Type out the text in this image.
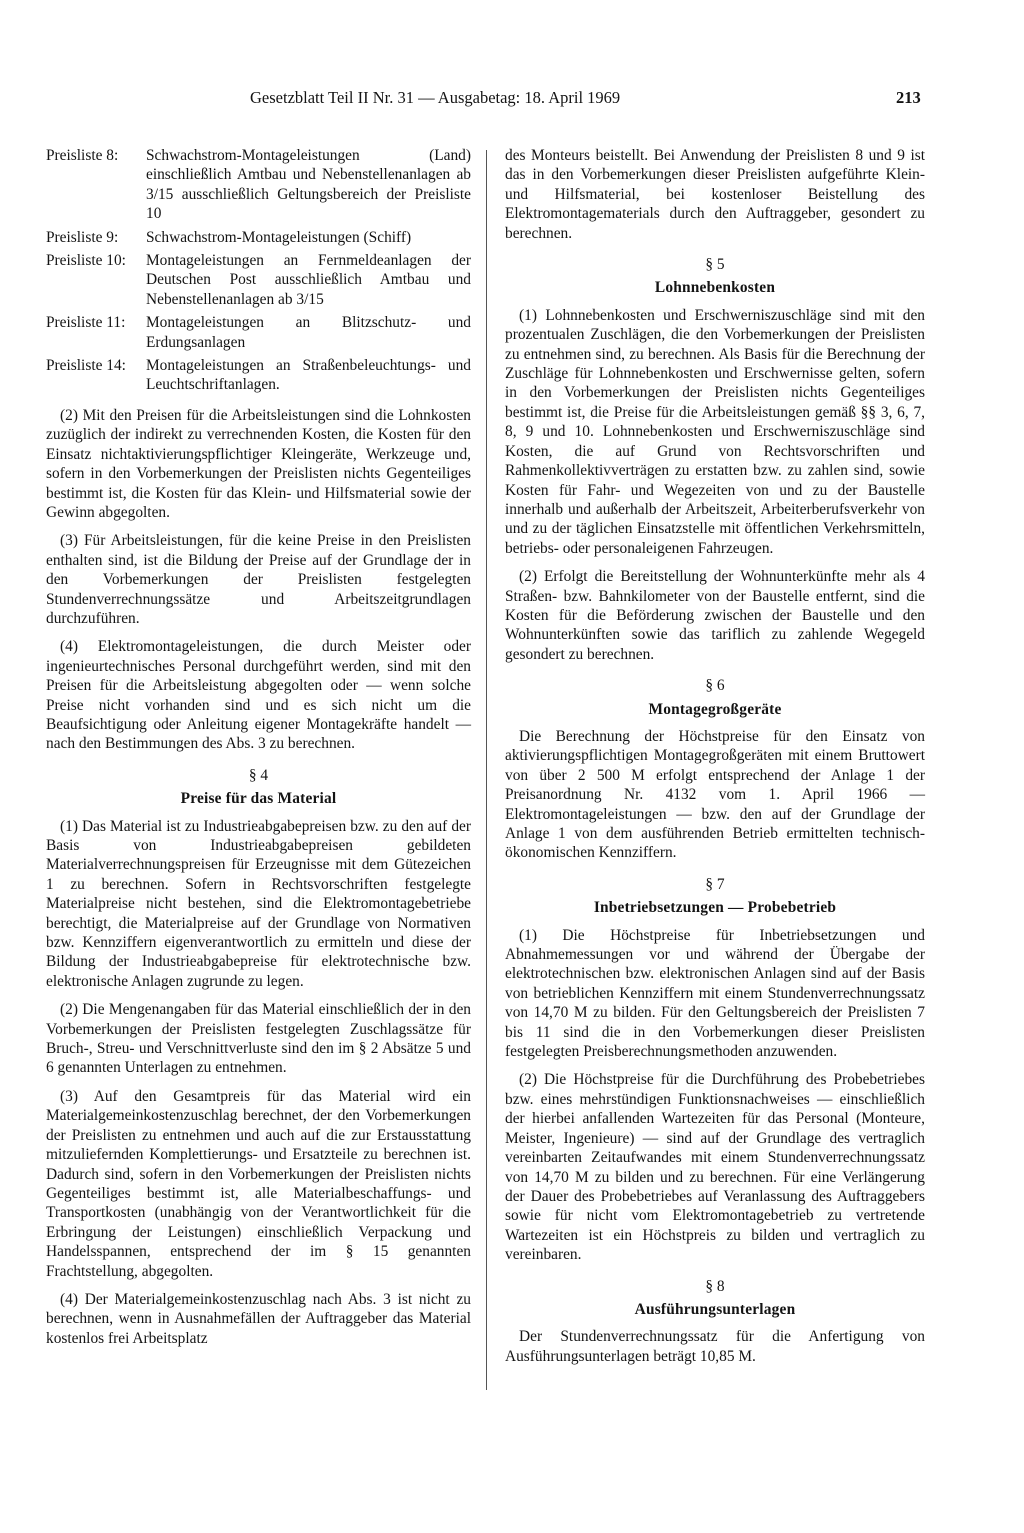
Gesetzblatt Teil II Nr. 31 — Ausgabetag: 18. April 1969	213
Preisliste 8:	Schwachstrom-Montageleistungen (Land) einschließlich Amtbau und Nebenstellenanlagen ab 3/15 ausschließlich Geltungsbereich der Preisliste 10
Preisliste 9:	Schwachstrom-Montageleistungen (Schiff)
Preisliste 10:	Montageleistungen an Fernmeldeanlagen der Deutschen Post ausschließlich Amtbau und Nebenstellenanlagen ab 3/15
Preisliste 11:	Montageleistungen an Blitzschutz- und Erdungsanlagen
Preisliste 14:	Montageleistungen an Straßenbeleuchtungs- und Leuchtschriftanlagen.

(2) Mit den Preisen für die Arbeitsleistungen sind die Lohnkosten zuzüglich der indirekt zu verrechnenden Kosten, die Kosten für den Einsatz nichtaktivierungspflichtiger Kleingeräte, Werkzeuge und, sofern in den Vorbemerkungen der Preislisten nichts Gegenteiliges bestimmt ist, die Kosten für das Klein- und Hilfsmaterial sowie der Gewinn abgegolten.

(3) Für Arbeitsleistungen, für die keine Preise in den Preislisten enthalten sind, ist die Bildung der Preise auf der Grundlage der in den Vorbemerkungen der Preislisten festgelegten Stundenverrechnungssätze und Arbeitszeitgrundlagen durchzuführen.

(4) Elektromontageleistungen, die durch Meister oder ingenieurtechnisches Personal durchgeführt werden, sind mit den Preisen für die Arbeitsleistung abgegolten oder — wenn solche Preise nicht vorhanden sind und es sich nicht um die Beaufsichtigung oder Anleitung eigener Montagekräfte handelt — nach den Bestimmungen des Abs. 3 zu berechnen.

§ 4
Preise für das Material

(1) Das Material ist zu Industrieabgabepreisen bzw. zu den auf der Basis von Industrieabgabepreisen gebildeten Materialverrechnungspreisen für Erzeugnisse mit dem Gütezeichen 1 zu berechnen. Sofern in Rechtsvorschriften festgelegte Materialpreise nicht bestehen, sind die Elektromontagebetriebe berechtigt, die Materialpreise auf der Grundlage von Normativen bzw. Kennziffern eigenverantwortlich zu ermitteln und diese der Bildung der Industrieabgabepreise für elektrotechnische bzw. elektronische Anlagen zugrunde zu legen.

(2) Die Mengenangaben für das Material einschließlich der in den Vorbemerkungen der Preislisten festgelegten Zuschlagssätze für Bruch-, Streu- und Verschnittverluste sind den im § 2 Absätze 5 und 6 genannten Unterlagen zu entnehmen.

(3) Auf den Gesamtpreis für das Material wird ein Materialgemeinkostenzuschlag berechnet, der den Vorbemerkungen der Preislisten zu entnehmen und auch auf die zur Erstausstattung mitzuliefernden Komplettierungs- und Ersatzteile zu berechnen ist. Dadurch sind, sofern in den Vorbemerkungen der Preislisten nichts Gegenteiliges bestimmt ist, alle Materialbeschaffungs- und Transportkosten (unabhängig von der Verantwortlichkeit für die Erbringung der Leistungen) einschließlich Verpackung und Handelsspannen, entsprechend der im § 15 genannten Frachtstellung, abgegolten.

(4) Der Materialgemeinkostenzuschlag nach Abs. 3 ist nicht zu berechnen, wenn in Ausnahmefällen der Auftraggeber das Material kostenlos frei Arbeitsplatz

des Monteurs beistellt. Bei Anwendung der Preislisten 8 und 9 ist das in den Vorbemerkungen dieser Preislisten aufgeführte Klein- und Hilfsmaterial, bei kostenloser Beistellung des Elektromontagematerials durch den Auftraggeber, gesondert zu berechnen.

§ 5
Lohnnebenkosten

(1) Lohnnebenkosten und Erschwerniszuschläge sind mit den prozentualen Zuschlägen, die den Vorbemerkungen der Preislisten zu entnehmen sind, zu berechnen. Als Basis für die Berechnung der Zuschläge für Lohnnebenkosten und Erschwernisse gelten, sofern in den Vorbemerkungen der Preislisten nichts Gegenteiliges bestimmt ist, die Preise für die Arbeitsleistungen gemäß §§ 3, 6, 7, 8, 9 und 10. Lohnnebenkosten und Erschwerniszuschläge sind Kosten, die auf Grund von Rechtsvorschriften und Rahmenkollektivverträgen zu erstatten bzw. zu zahlen sind, sowie Kosten für Fahr- und Wegezeiten von und zu der Baustelle innerhalb und außerhalb der Arbeitszeit, Arbeiterberufsverkehr von und zu der täglichen Einsatzstelle mit öffentlichen Verkehrsmitteln, betriebs- oder personaleigenen Fahrzeugen.

(2) Erfolgt die Bereitstellung der Wohnunterkünfte mehr als 4 Straßen- bzw. Bahnkilometer von der Baustelle entfernt, sind die Kosten für die Beförderung zwischen der Baustelle und den Wohnunterkünften sowie das tariflich zu zahlende Wegegeld gesondert zu berechnen.

§ 6
Montagegroßgeräte

Die Berechnung der Höchstpreise für den Einsatz von aktivierungspflichtigen Montagegroßgeräten mit einem Bruttowert von über 2 500 M erfolgt entsprechend der Anlage 1 der Preisanordnung Nr. 4132 vom 1. April 1966 — Elektromontageleistungen — bzw. den auf der Grundlage der Anlage 1 von dem ausführenden Betrieb ermittelten technisch-ökonomischen Kennziffern.

§ 7
Inbetriebsetzungen — Probebetrieb

(1) Die Höchstpreise für Inbetriebsetzungen und Abnahmemessungen vor und während der Übergabe der elektrotechnischen bzw. elektronischen Anlagen sind auf der Basis von betrieblichen Kennziffern mit einem Stundenverrechnungssatz von 14,70 M zu bilden. Für den Geltungsbereich der Preislisten 7 bis 11 sind die in den Vorbemerkungen dieser Preislisten festgelegten Preisberechnungsmethoden anzuwenden.

(2) Die Höchstpreise für die Durchführung des Probebetriebes bzw. eines mehrstündigen Funktionsnachweises — einschließlich der hierbei anfallenden Wartezeiten für das Personal (Monteure, Meister, Ingenieure) — sind auf der Grundlage des vertraglich vereinbarten Zeitaufwandes mit einem Stundenverrechnungssatz von 14,70 M zu bilden und zu berechnen. Für eine Verlängerung der Dauer des Probebetriebes auf Veranlassung des Auftraggebers sowie für nicht vom Elektromontagebetrieb zu vertretende Wartezeiten ist ein Höchstpreis zu bilden und vertraglich zu vereinbaren.

§ 8
Ausführungsunterlagen

Der Stundenverrechnungssatz für die Anfertigung von Ausführungsunterlagen beträgt 10,85 M.
